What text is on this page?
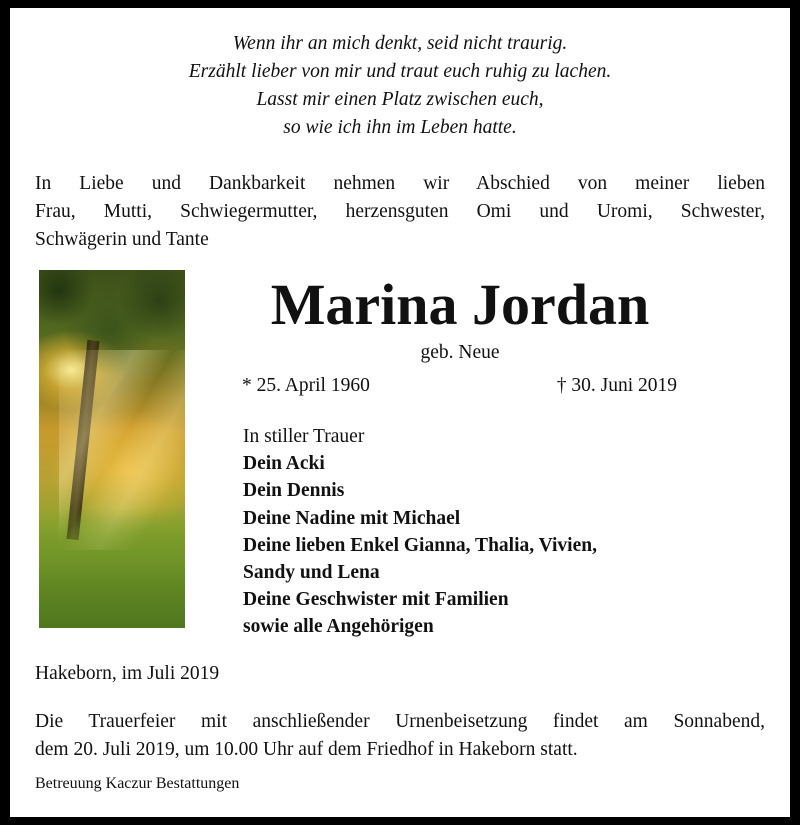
Wenn ihr an mich denkt, seid nicht traurig.
Erzählt lieber von mir und traut euch ruhig zu lachen.
Lasst mir einen Platz zwischen euch,
so wie ich ihn im Leben hatte.
In Liebe und Dankbarkeit nehmen wir Abschied von meiner lieben
Frau, Mutti, Schwiegermutter, herzensguten Omi und Uromi, Schwester,
Schwägerin und Tante
Marina Jordan
geb. Neue
* 25. April 1960	† 30. Juni 2019
In stiller Trauer
Dein Acki
Dein Dennis
Deine Nadine mit Michael
Deine lieben Enkel Gianna, Thalia, Vivien,
Sandy und Lena
Deine Geschwister mit Familien
sowie alle Angehörigen
Hakeborn, im Juli 2019
Die Trauerfeier mit anschließender Urnenbeisetzung findet am Sonnabend,
dem 20. Juli 2019, um 10.00 Uhr auf dem Friedhof in Hakeborn statt.
Betreuung Kaczur Bestattungen
